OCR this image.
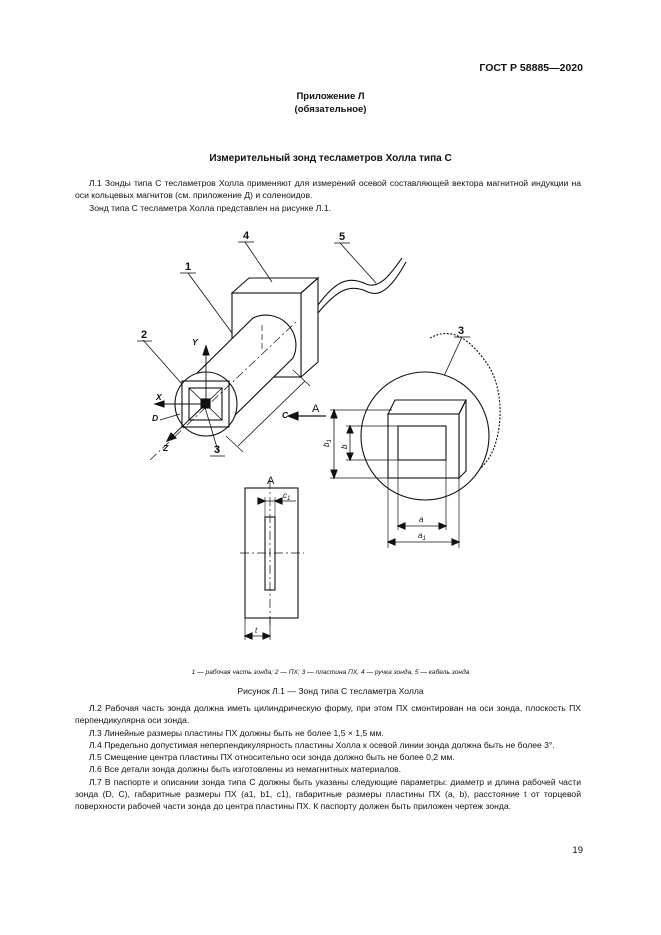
ГОСТ Р 58885—2020
Приложение Л
(обязательное)
Измерительный зонд тесламетров Холла типа С

Л.1 Зонды типа С тесламетров Холла применяют для измерений осевой составляющей вектора магнитной индукции на оси кольцевых магнитов (см. приложение Д) и соленоидов.

Зонд типа С тесламетра Холла представлен на рисунке Л.1.

1
4	5
2
3
3
Y
X
Z
D	C A
A
b
$b_1$
a
$a_1$
$c_1$
t
1 — рабочая часть зонда; 2 — ПХ; 3 — пластина ПХ, 4 — ручка зонда, 5 — кабель зонда
Рисунок Л.1 — Зонд типа С тесламетра Холла

Л.2 Рабочая часть зонда должна иметь цилиндрическую форму, при этом ПХ смонтирован на оси зонда, плоскость ПХ перпендикулярна оси зонда.

Л.3 Линейные размеры пластины ПХ должны быть не более 1,5 × 1,5 мм.

Л.4 Предельно допустимая неперпендикулярность пластины Холла к осевой линии зонда должна быть не более 3°.

Л.5 Смещение центра пластины ПХ относительно оси зонда должно быть не более 0,2 мм.

Л.6 Все детали зонда должны быть изготовлены из немагнитных материалов.

Л.7 В паспорте и описании зонда типа С должны быть указаны следующие параметры: диаметр и длина рабочей части зонда (D, C), габаритные размеры ПХ (a1, b1, c1), габаритные размеры пластины ПХ (a, b), расстояние t от торцевой поверхности рабочей части зонда до центра пластины ПХ. К паспорту должен быть приложен чертеж зонда.

19
